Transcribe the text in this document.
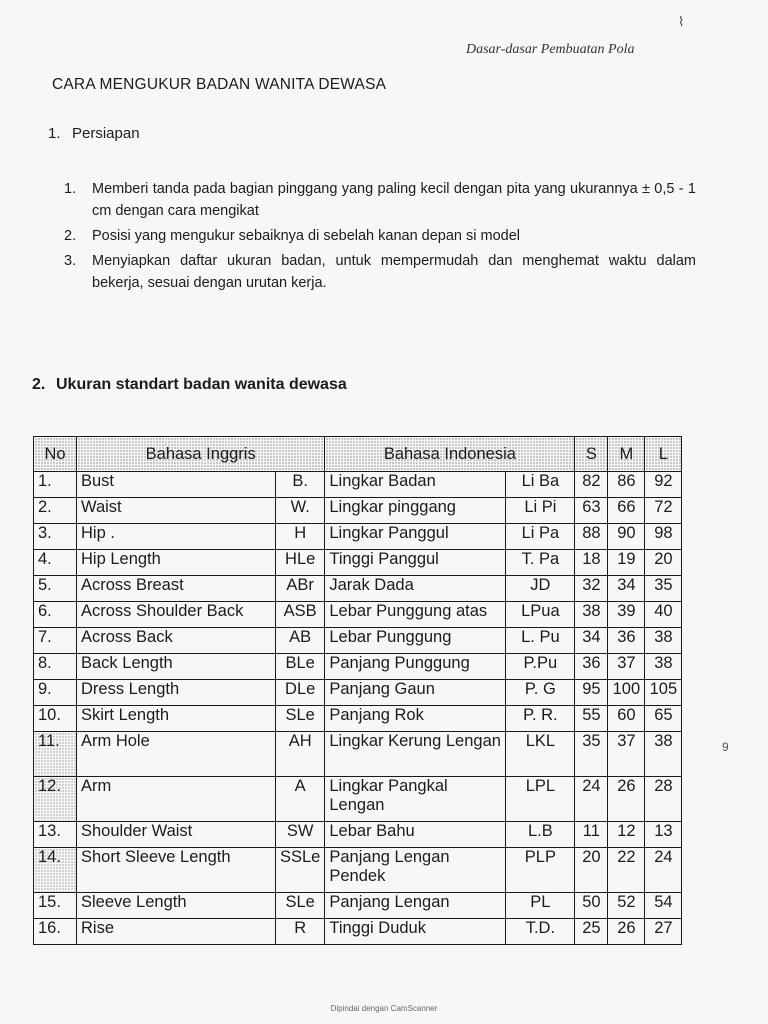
⌇
Dasar-dasar Pembuatan Pola
CARA MENGUKUR BADAN WANITA DEWASA
1. Persiapan
1.	Memberi tanda pada bagian pinggang yang paling kecil dengan pita yang ukurannya ± 0,5 - 1 cm dengan cara mengikat
2.	Posisi yang mengukur sebaiknya di sebelah kanan depan si model
3.	Menyiapkan daftar ukuran badan, untuk mempermudah dan menghemat waktu dalam bekerja, sesuai dengan urutan kerja.
2. Ukuran standart badan wanita dewasa
No	Bahasa Inggris		Bahasa Indonesia		S	M	L
1.	Bust	B.	Lingkar Badan	Li Ba	82	86	92
2.	Waist	W.	Lingkar pinggang	Li Pi	63	66	72
3.	Hip .	H	Lingkar Panggul	Li Pa	88	90	98
4.	Hip Length	HLe	Tinggi Panggul	T. Pa	18	19	20
5.	Across Breast	ABr	Jarak Dada	JD	32	34	35
6.	Across Shoulder Back	ASB	Lebar Punggung atas	LPua	38	39	40
7.	Across Back	AB	Lebar Punggung	L. Pu	34	36	38
8.	Back Length	BLe	Panjang Punggung	P.Pu	36	37	38
9.	Dress Length	DLe	Panjang Gaun	P. G	95	100	105
10.	Skirt Length	SLe	Panjang Rok	P. R.	55	60	65
11.	Arm Hole	AH	Lingkar Kerung Lengan	LKL	35	37	38
12.	Arm	A	Lingkar Pangkal Lengan	LPL	24	26	28
13.	Shoulder Waist	SW	Lebar Bahu	L.B	11	12	13
14.	Short Sleeve Length	SSLe	Panjang Lengan Pendek	PLP	20	22	24
15.	Sleeve Length	SLe	Panjang Lengan	PL	50	52	54
16.	Rise	R	Tinggi Duduk	T.D.	25	26	27
9
Dipindai dengan CamScanner
